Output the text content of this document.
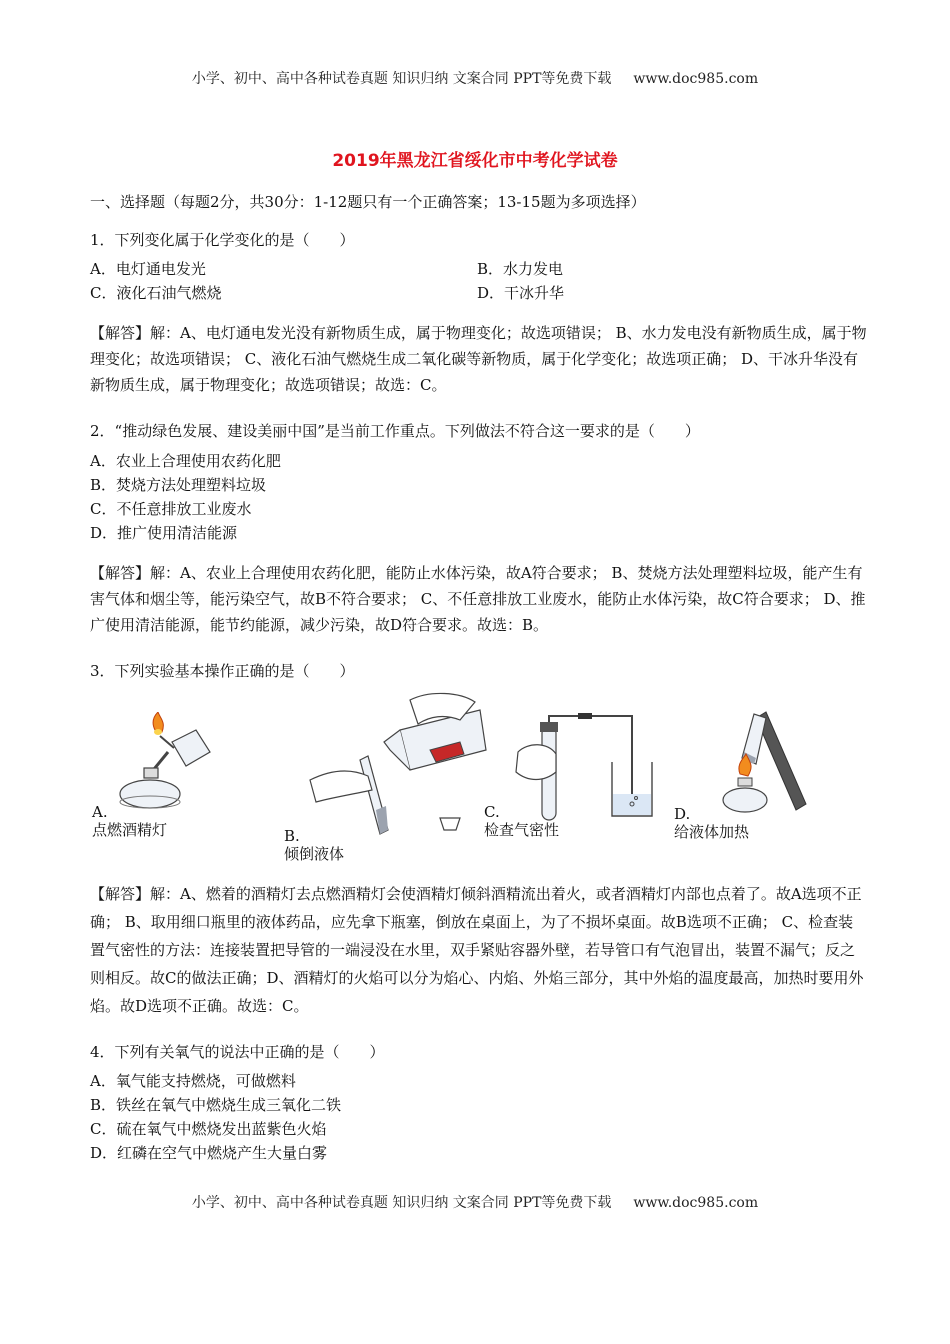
小学、初中、高中各种试卷真题 知识归纳 文案合同 PPT等免费下载 www.doc985.com
2019年黑龙江省绥化市中考化学试卷
一、选择题（每题2分，共30分：1-12题只有一个正确答案；13-15题为多项选择）
1．下列变化属于化学变化的是（　　）
A．电灯通电发光	B．水力发电
C．液化石油气燃烧	D．干冰升华
【解答】解：A、电灯通电发光没有新物质生成，属于物理变化；故选项错误； B、水力发电没有新物质生成，属于物理变化；故选项错误； C、液化石油气燃烧生成二氧化碳等新物质，属于化学变化；故选项正确； D、干冰升华没有新物质生成，属于物理变化；故选项错误；故选：C。
2．“推动绿色发展、建设美丽中国”是当前工作重点。下列做法不符合这一要求的是（　　）
A．农业上合理使用农药化肥
B．焚烧方法处理塑料垃圾
C．不任意排放工业废水
D．推广使用清洁能源
【解答】解：A、农业上合理使用农药化肥，能防止水体污染，故A符合要求； B、焚烧方法处理塑料垃圾，能产生有害气体和烟尘等，能污染空气，故B不符合要求； C、不任意排放工业废水，能防止水体污染，故C符合要求； D、推广使用清洁能源，能节约能源，减少污染，故D符合要求。故选：B。
3．下列实验基本操作正确的是（　　）
A.
点燃酒精灯	B.
倾倒液体
C.
检查气密性
D.
给液体加热
【解答】解：A、燃着的酒精灯去点燃酒精灯会使酒精灯倾斜酒精流出着火，或者酒精灯内部也点着了。故A选项不正确； B、取用细口瓶里的液体药品，应先拿下瓶塞，倒放在桌面上，为了不损坏桌面。故B选项不正确； C、检查装置气密性的方法：连接装置把导管的一端浸没在水里，双手紧贴容器外壁，若导管口有气泡冒出，装置不漏气；反之则相反。故C的做法正确；D、酒精灯的火焰可以分为焰心、内焰、外焰三部分，其中外焰的温度最高，加热时要用外焰。故D选项不正确。故选：C。
4．下列有关氧气的说法中正确的是（　　）
A．氧气能支持燃烧，可做燃料
B．铁丝在氧气中燃烧生成三氧化二铁
C．硫在氧气中燃烧发出蓝紫色火焰
D．红磷在空气中燃烧产生大量白雾
小学、初中、高中各种试卷真题 知识归纳 文案合同 PPT等免费下载 www.doc985.com
